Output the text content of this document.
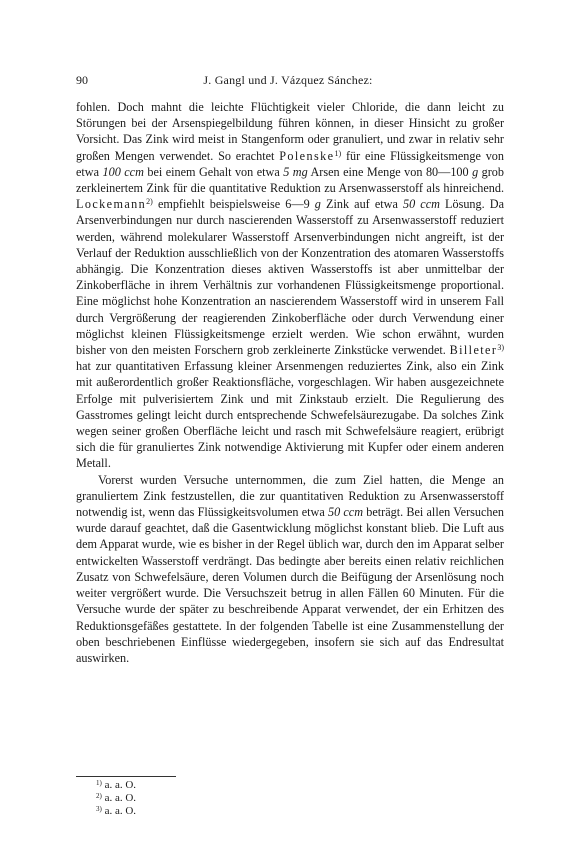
90	J. Gangl und J. Vázquez Sánchez:

fohlen. Doch mahnt die leichte Flüchtigkeit vieler Chloride, die dann leicht zu Störungen bei der Arsenspiegelbildung führen können, in dieser Hinsicht zu großer Vorsicht. Das Zink wird meist in Stangenform oder granuliert, und zwar in relativ sehr großen Mengen verwendet. So erachtet Polenske$^{1)}$ für eine Flüssigkeitsmenge von etwa 100 ccm bei einem Gehalt von etwa 5 mg Arsen eine Menge von 80—100 g grob zerkleinertem Zink für die quantitative Reduktion zu Arsenwasserstoff als hinreichend. Lockemann$^{2)}$ empfiehlt beispielsweise 6—9 g Zink auf etwa 50 ccm Lösung. Da Arsenverbindungen nur durch nascierenden Wasserstoff zu Arsenwasserstoff reduziert werden, während molekularer Wasserstoff Arsenverbindungen nicht angreift, ist der Verlauf der Reduktion ausschließlich von der Konzentration des atomaren Wasserstoffs abhängig. Die Konzentration dieses aktiven Wasserstoffs ist aber unmittelbar der Zinkoberfläche in ihrem Verhältnis zur vorhandenen Flüssigkeitsmenge proportional. Eine möglichst hohe Konzentration an nascierendem Wasserstoff wird in unserem Fall durch Vergrößerung der reagierenden Zinkoberfläche oder durch Verwendung einer möglichst kleinen Flüssigkeitsmenge erzielt werden. Wie schon erwähnt, wurden bisher von den meisten Forschern grob zerkleinerte Zinkstücke verwendet. Billeter$^{3)}$ hat zur quantitativen Erfassung kleiner Arsenmengen reduziertes Zink, also ein Zink mit außerordentlich großer Reaktionsfläche, vorgeschlagen. Wir haben ausgezeichnete Erfolge mit pulverisiertem Zink und mit Zinkstaub erzielt. Die Regulierung des Gasstromes gelingt leicht durch entsprechende Schwefelsäurezugabe. Da solches Zink wegen seiner großen Oberfläche leicht und rasch mit Schwefelsäure reagiert, erübrigt sich die für granuliertes Zink notwendige Aktivierung mit Kupfer oder einem anderen Metall.

Vorerst wurden Versuche unternommen, die zum Ziel hatten, die Menge an granuliertem Zink festzustellen, die zur quantitativen Reduktion zu Arsenwasserstoff notwendig ist, wenn das Flüssigkeitsvolumen etwa 50 ccm beträgt. Bei allen Versuchen wurde darauf geachtet, daß die Gasentwicklung möglichst konstant blieb. Die Luft aus dem Apparat wurde, wie es bisher in der Regel üblich war, durch den im Apparat selber entwickelten Wasserstoff verdrängt. Das bedingte aber bereits einen relativ reichlichen Zusatz von Schwefelsäure, deren Volumen durch die Beifügung der Arsenlösung noch weiter vergrößert wurde. Die Versuchszeit betrug in allen Fällen 60 Minuten. Für die Versuche wurde der später zu beschreibende Apparat verwendet, der ein Erhitzen des Reduktionsgefäßes gestattete. In der folgenden Tabelle ist eine Zusammenstellung der oben beschriebenen Einflüsse wiedergegeben, insofern sie sich auf das Endresultat auswirken.

$^{1)}$ a. a. O.
$^{2)}$ a. a. O.
$^{3)}$ a. a. O.
